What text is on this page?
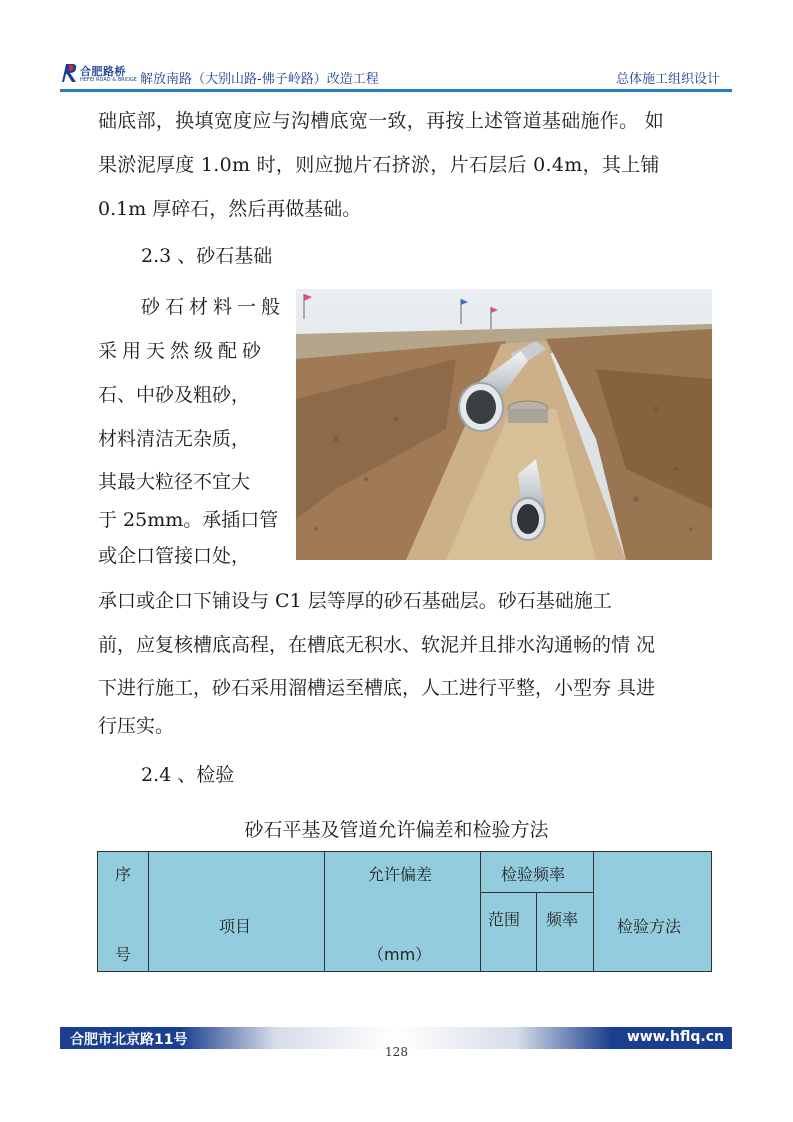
合肥路桥
HEFEI ROAD & BRIDGE 解放南路（大别山路-佛子岭路）改造工程	总体施工组织设计
础底部，换填宽度应与沟槽底宽一致，再按上述管道基础施作。 如
果淤泥厚度 1.0m 时，则应抛片石挤淤，片石层后 0.4m，其上铺
0.1m 厚碎石，然后再做基础。
2.3 、砂石基础
砂石材料一般
采用天然级配砂
石、中砂及粗砂，
材料清洁无杂质，
其最大粒径不宜大
于 25mm。承插口管
或企口管接口处，
承口或企口下铺设与 C1 层等厚的砂石基础层。砂石基础施工
前，应复核槽底高程，在槽底无积水、软泥并且排水沟通畅的情 况
下进行施工，砂石采用溜槽运至槽底，人工进行平整，小型夯 具进
行压实。
2.4 、检验
砂石平基及管道允许偏差和检验方法
序
号
项目
允许偏差
（mm）
检验频率
范围 频率 检验方法
合肥市北京路11号	www.hflq.cn
128
